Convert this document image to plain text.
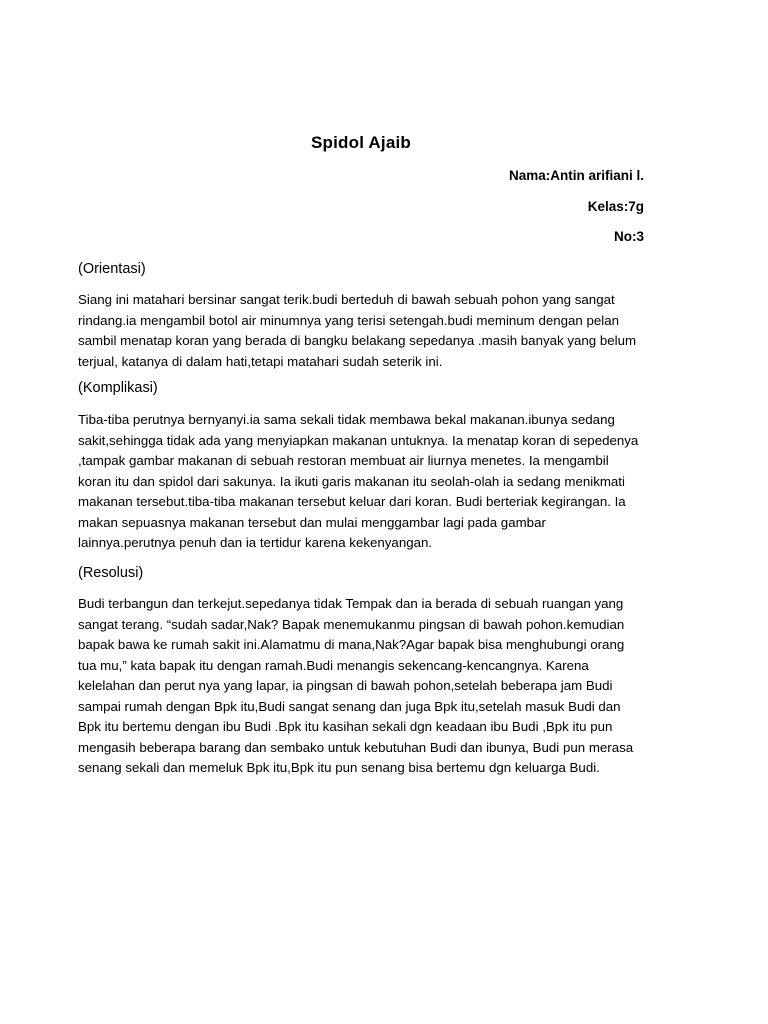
Spidol Ajaib
Nama:Antin arifiani l.
Kelas:7g
No:3
(Orientasi)
Siang ini matahari bersinar sangat terik.budi berteduh di bawah sebuah pohon yang sangat rindang.ia mengambil botol air minumnya yang terisi setengah.budi meminum dengan pelan sambil menatap koran yang berada di bangku belakang sepedanya .masih banyak yang belum terjual, katanya di dalam hati,tetapi matahari sudah seterik ini.
(Komplikasi)
Tiba-tiba perutnya bernyanyi.ia sama sekali tidak membawa bekal makanan.ibunya sedang sakit,sehingga tidak ada yang menyiapkan makanan untuknya. Ia menatap koran di sepedenya ,tampak gambar makanan di sebuah restoran membuat air liurnya menetes. Ia mengambil koran itu dan spidol dari sakunya. Ia ikuti garis makanan itu seolah-olah ia sedang menikmati makanan tersebut.tiba-tiba makanan tersebut keluar dari koran. Budi berteriak kegirangan. Ia makan sepuasnya makanan tersebut dan mulai menggambar lagi pada gambar lainnya.perutnya penuh dan ia tertidur karena kekenyangan.
(Resolusi)
Budi terbangun dan terkejut.sepedanya tidak Tempak dan ia berada di sebuah ruangan yang sangat terang. “sudah sadar,Nak? Bapak menemukanmu pingsan di bawah pohon.kemudian bapak bawa ke rumah sakit ini.Alamatmu di mana,Nak?Agar bapak bisa menghubungi orang tua mu,” kata bapak itu dengan ramah.Budi menangis sekencang-kencangnya. Karena kelelahan dan perut nya yang lapar, ia pingsan di bawah pohon,setelah beberapa jam Budi sampai rumah dengan Bpk itu,Budi sangat senang dan juga Bpk itu,setelah masuk Budi dan Bpk itu bertemu dengan ibu Budi .Bpk itu kasihan sekali dgn keadaan ibu Budi ,Bpk itu pun mengasih beberapa barang dan sembako untuk kebutuhan Budi dan ibunya, Budi pun merasa senang sekali dan memeluk Bpk itu,Bpk itu pun senang bisa bertemu dgn keluarga Budi.
